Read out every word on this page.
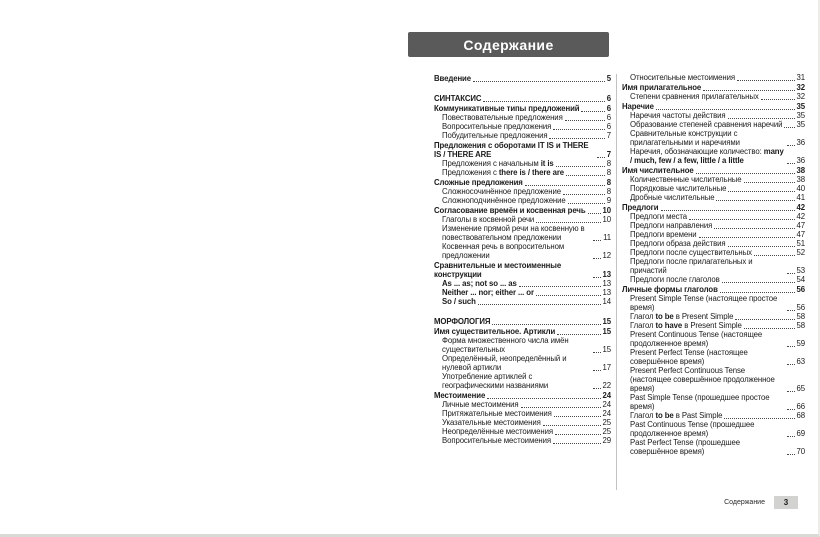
Содержание
Введение	5
СИНТАКСИС	6
Коммуникативные типы предложений	6
Повествовательные предложения	6
Вопросительные предложения	6
Побудительные предложения	7
Предложения с оборотами IT IS и THERE IS / THERE ARE	7
Предложения с начальным it is	8
Предложения с there is / there are	8
Сложные предложения	8
Сложносочинённое предложение	8
Сложноподчинённое предложение	9
Согласование времён и косвенная речь 10
Глаголы в косвенной речи	10
Изменение прямой речи на косвенную в повествовательном предложении	11
Косвенная речь в вопросительном предложении	12
Сравнительные и местоименные конструкции	13
As ... as; not so ... as	13
Neither ... nor; either ... or	13
So / such	14
МОРФОЛОГИЯ	15
Имя существительное. Артикли	15
Форма множественного числа имён существительных	15
Определённый, неопределённый и нулевой артикли	17
Употребление артиклей с географическими названиями	22
Местоимение	24
Личные местоимения	24
Притяжательные местоимения	24
Указательные местоимения	25
Неопределённые местоимения	25
Вопросительные местоимения	29
Относительные местоимения	31
Имя прилагательное	32
Степени сравнения прилагательных	32
Наречие	35
Наречия частоты действия	35
Образование степеней сравнения наречий 35
Сравнительные конструкции с прилагательными и наречиями	36
Наречия, обозначающие количество: many / much, few / a few, little / a little	36
Имя числительное	38
Количественные числительные	38
Порядковые числительные	40
Дробные числительные	41
Предлоги	42
Предлоги места	42
Предлоги направления	47
Предлоги времени	47
Предлоги образа действия	51
Предлоги после существительных	52
Предлоги после прилагательных и причастий	53
Предлоги после глаголов	54
Личные формы глаголов	56
Present Simple Tense (настоящее простое время)	56
Глагол to be в Present Simple	58
Глагол to have в Present Simple	58
Present Continuous Tense (настоящее продолженное время)	59
Present Perfect Tense (настоящее совершённое время)	63
Present Perfect Continuous Tense (настоящее совершённое продолженное время)	65
Past Simple Tense (прошедшее простое время)	66
Глагол to be в Past Simple	68
Past Continuous Tense (прошедшее продолженное время)	69
Past Perfect Tense (прошедшее совершённое время)	70
Содержание	3
